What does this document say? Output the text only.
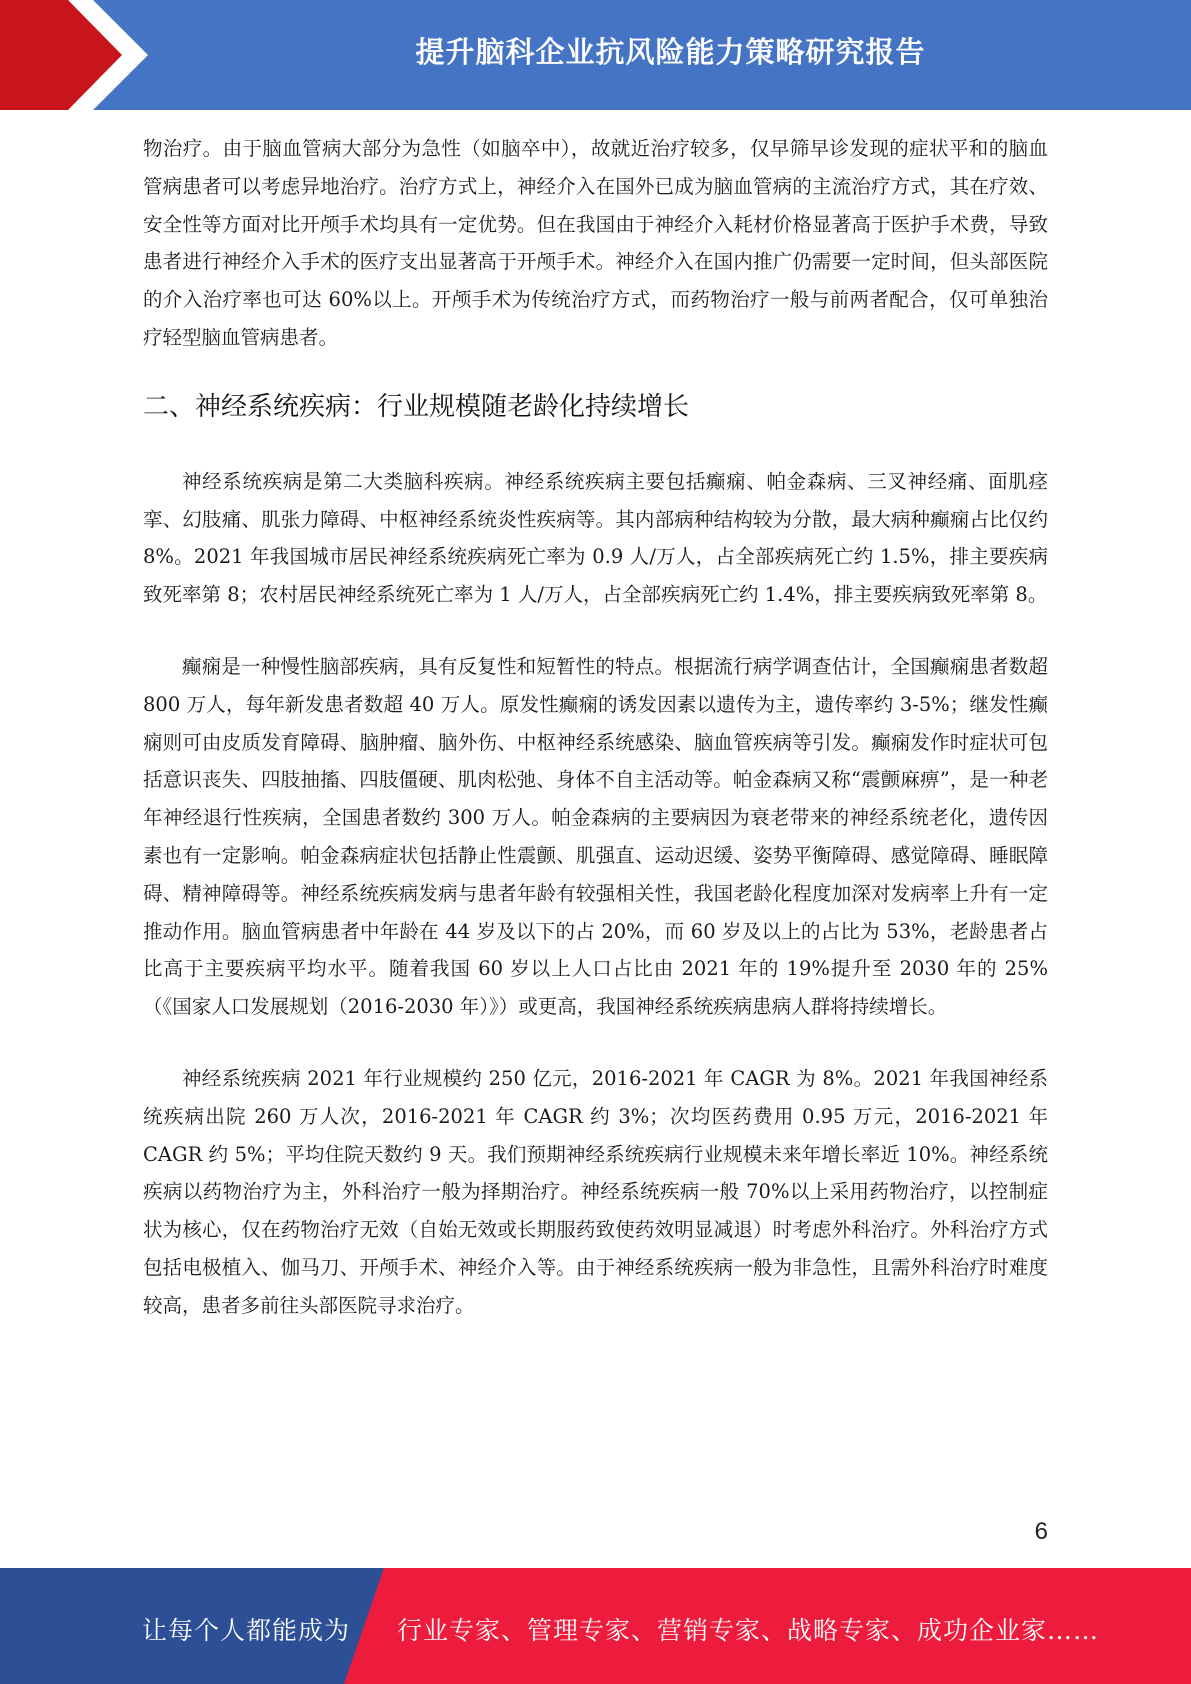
提升脑科企业抗风险能力策略研究报告

物治疗。由于脑血管病大部分为急性（如脑卒中），故就近治疗较多，仅早筛早诊发现的症状平和的脑血管病患者可以考虑异地治疗。治疗方式上，神经介入在国外已成为脑血管病的主流治疗方式，其在疗效、安全性等方面对比开颅手术均具有一定优势。但在我国由于神经介入耗材价格显著高于医护手术费，导致患者进行神经介入手术的医疗支出显著高于开颅手术。神经介入在国内推广仍需要一定时间，但头部医院的介入治疗率也可达 60%以上。开颅手术为传统治疗方式，而药物治疗一般与前两者配合，仅可单独治疗轻型脑血管病患者。

二、神经系统疾病：行业规模随老龄化持续增长

神经系统疾病是第二大类脑科疾病。神经系统疾病主要包括癫痫、帕金森病、三叉神经痛、面肌痉挛、幻肢痛、肌张力障碍、中枢神经系统炎性疾病等。其内部病种结构较为分散，最大病种癫痫占比仅约 8%。2021 年我国城市居民神经系统疾病死亡率为 0.9 人/万人，占全部疾病死亡约 1.5%，排主要疾病致死率第 8；农村居民神经系统死亡率为 1 人/万人，占全部疾病死亡约 1.4%，排主要疾病致死率第 8。

癫痫是一种慢性脑部疾病，具有反复性和短暂性的特点。根据流行病学调查估计，全国癫痫患者数超 800 万人，每年新发患者数超 40 万人。原发性癫痫的诱发因素以遗传为主，遗传率约 3-5%；继发性癫痫则可由皮质发育障碍、脑肿瘤、脑外伤、中枢神经系统感染、脑血管疾病等引发。癫痫发作时症状可包括意识丧失、四肢抽搐、四肢僵硬、肌肉松弛、身体不自主活动等。帕金森病又称“震颤麻痹”，是一种老年神经退行性疾病，全国患者数约 300 万人。帕金森病的主要病因为衰老带来的神经系统老化，遗传因素也有一定影响。帕金森病症状包括静止性震颤、肌强直、运动迟缓、姿势平衡障碍、感觉障碍、睡眠障碍、精神障碍等。神经系统疾病发病与患者年龄有较强相关性，我国老龄化程度加深对发病率上升有一定推动作用。脑血管病患者中年龄在 44 岁及以下的占 20%，而 60 岁及以上的占比为 53%，老龄患者占比高于主要疾病平均水平。随着我国 60 岁以上人口占比由 2021 年的 19%提升至 2030 年的 25%（《国家人口发展规划（2016-2030 年）》）或更高，我国神经系统疾病患病人群将持续增长。

神经系统疾病 2021 年行业规模约 250 亿元，2016-2021 年 CAGR 为 8%。2021 年我国神经系统疾病出院 260 万人次，2016-2021 年 CAGR 约 3%；次均医药费用 0.95 万元，2016-2021 年 CAGR 约 5%；平均住院天数约 9 天。我们预期神经系统疾病行业规模未来年增长率近 10%。神经系统疾病以药物治疗为主，外科治疗一般为择期治疗。神经系统疾病一般 70%以上采用药物治疗，以控制症状为核心，仅在药物治疗无效（自始无效或长期服药致使药效明显减退）时考虑外科治疗。外科治疗方式包括电极植入、伽马刀、开颅手术、神经介入等。由于神经系统疾病一般为非急性，且需外科治疗时难度较高，患者多前往头部医院寻求治疗。

6
让每个人都能成为 行业专家、管理专家、营销专家、战略专家、成功企业家……
